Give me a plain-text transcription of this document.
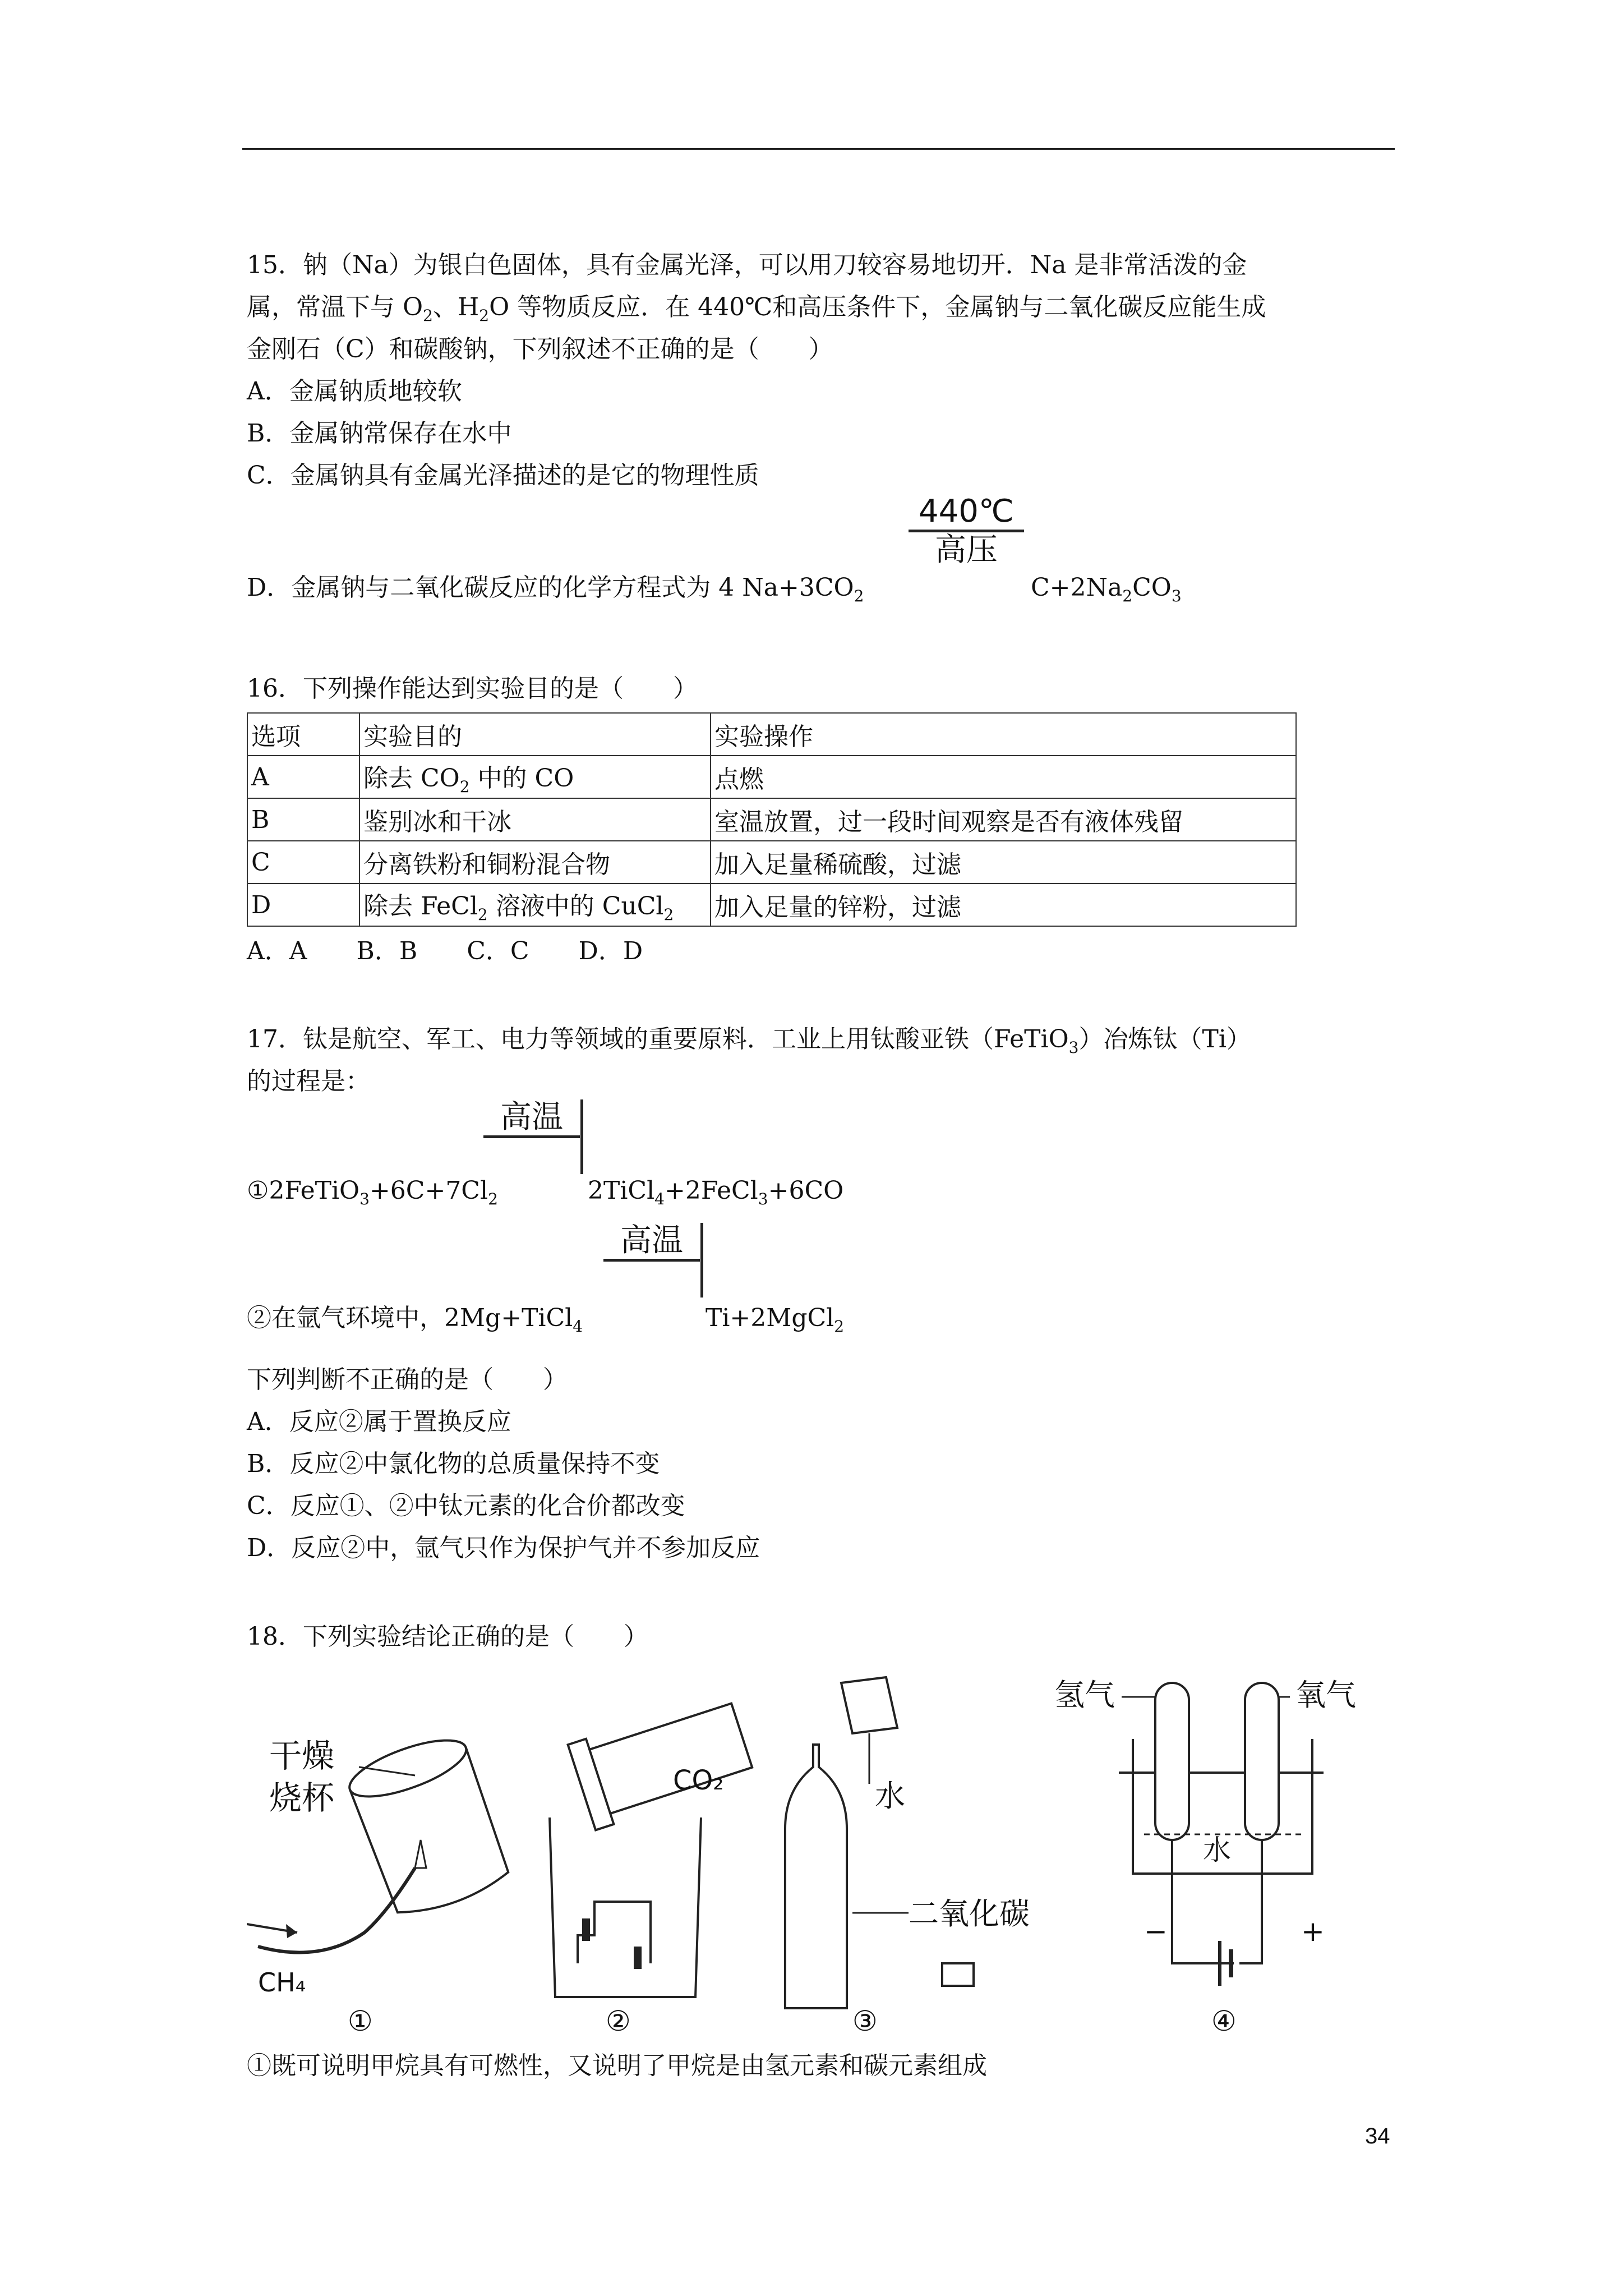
15．钠（Na）为银白色固体，具有金属光泽，可以用刀较容易地切开．Na 是非常活泼的金
属，常温下与 $O_2$、$H_2O$ 等物质反应．在 440℃和高压条件下，金属钠与二氧化碳反应能生成
金刚石（C）和碳酸钠，下列叙述不正确的是（　　）
A．金属钠质地较软
B．金属钠常保存在水中
C．金属钠具有金属光泽描述的是它的物理性质
440℃
高压
D．金属钠与二氧化碳反应的化学方程式为 4 $Na+3CO_2$	$C+2Na_2CO_3$
16．下列操作能达到实验目的是（　　）
选项	实验目的	实验操作
A	除去 $CO_2$ 中的 CO	点燃
B	鉴别冰和干冰	室温放置，过一段时间观察是否有液体残留
C	分离铁粉和铜粉混合物	加入足量稀硫酸，过滤
D	除去 FeCl$_2$ 溶液中的 CuCl$_2$	加入足量的锌粉，过滤
A．A　　B．B　　C．C　　D．D
17．钛是航空、军工、电力等领域的重要原料．工业上用钛酸亚铁（FeTiO$_3$）冶炼钛（Ti）
的过程是：
高温
$①2FeTiO_3+6C+7Cl_2$	2TiCl$_4$+2FeCl$_3$+6CO
高温
②在氩气环境中，2Mg+TiCl$_4$	Ti+2MgCl$_2$
下列判断不正确的是（　　）
A．反应②属于置换反应
B．反应②中氯化物的总质量保持不变
C．反应①、②中钛元素的化合价都改变
D．反应②中，氩气只作为保护气并不参加反应
18．下列实验结论正确的是（　　）
干燥
烧杯
CH₄
①
CO₂
②
水
二氧化碳
③
氢气	氧气
水
−	+
④
①既可说明甲烷具有可燃性，又说明了甲烷是由氢元素和碳元素组成
34
